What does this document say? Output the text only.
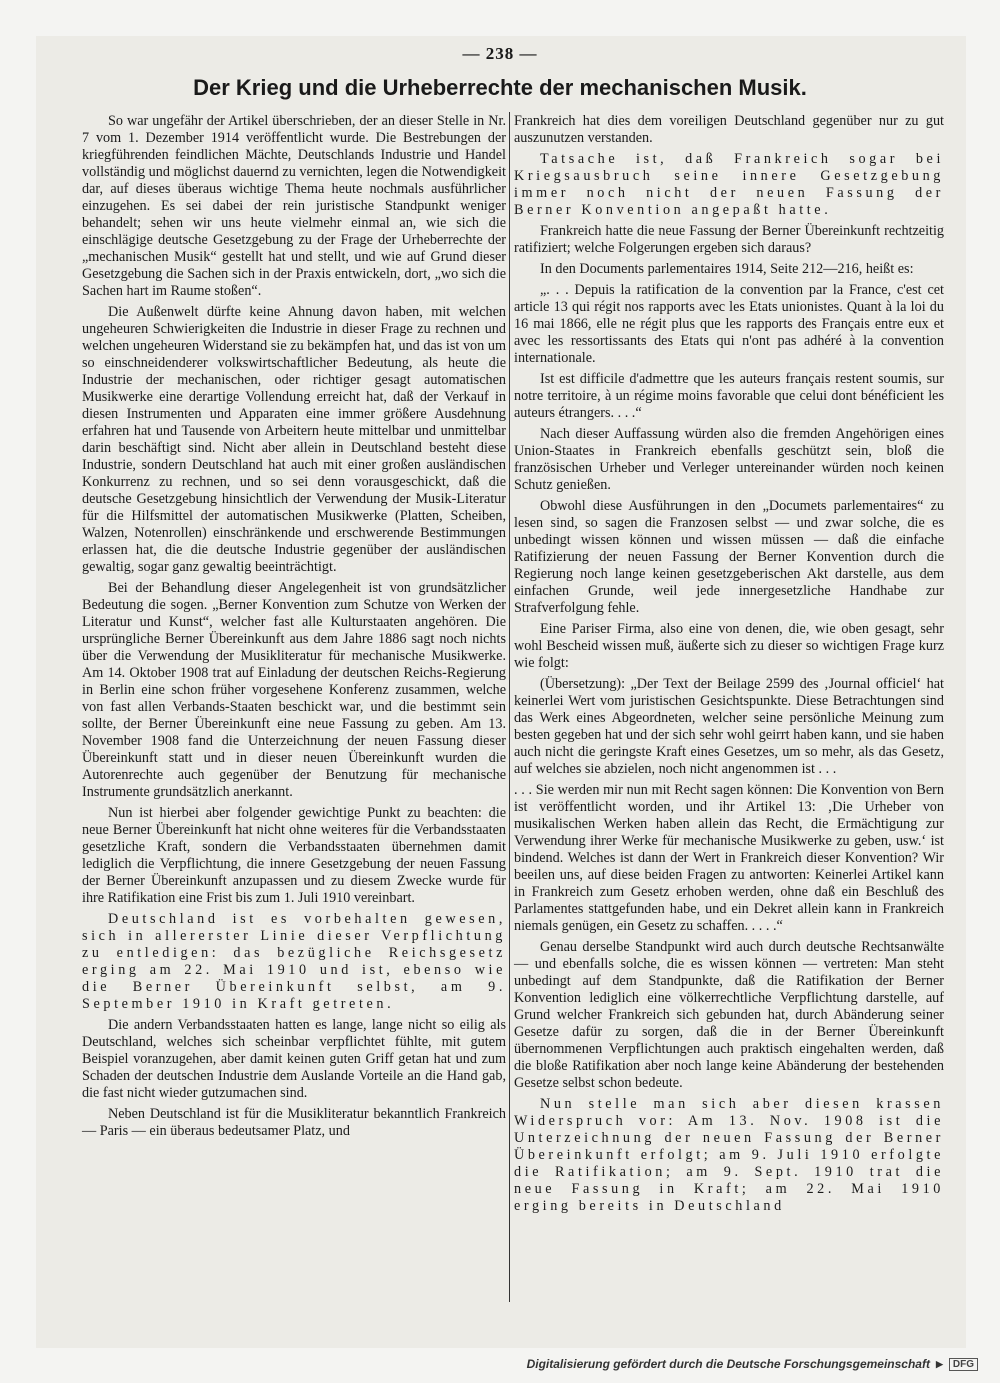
— 238 —
Der Krieg und die Urheberrechte der mechanischen Musik.

So war ungefähr der Artikel überschrieben, der an dieser Stelle in Nr. 7 vom 1. Dezember 1914 veröffentlicht wurde. Die Bestrebungen der kriegführenden feindlichen Mächte, Deutschlands Industrie und Handel vollständig und möglichst dauernd zu vernichten, legen die Notwendigkeit dar, auf dieses überaus wichtige Thema heute nochmals ausführlicher einzugehen. Es sei dabei der rein juristische Standpunkt weniger behandelt; sehen wir uns heute vielmehr einmal an, wie sich die einschlägige deutsche Gesetzgebung zu der Frage der Urheberrechte der „mechanischen Musik“ gestellt hat und stellt, und wie auf Grund dieser Gesetzgebung die Sachen sich in der Praxis entwickeln, dort, „wo sich die Sachen hart im Raume stoßen“.

Die Außenwelt dürfte keine Ahnung davon haben, mit welchen ungeheuren Schwierigkeiten die Industrie in dieser Frage zu rechnen und welchen ungeheuren Widerstand sie zu bekämpfen hat, und das ist von um so einschneidenderer volkswirtschaftlicher Bedeutung, als heute die Industrie der mechanischen, oder richtiger gesagt automatischen Musikwerke eine derartige Vollendung erreicht hat, daß der Verkauf in diesen Instrumenten und Apparaten eine immer größere Ausdehnung erfahren hat und Tausende von Arbeitern heute mittelbar und unmittelbar darin beschäftigt sind. Nicht aber allein in Deutschland besteht diese Industrie, sondern Deutschland hat auch mit einer großen ausländischen Konkurrenz zu rechnen, und so sei denn vorausgeschickt, daß die deutsche Gesetzgebung hinsichtlich der Verwendung der Musik-Literatur für die Hilfsmittel der automatischen Musikwerke (Platten, Scheiben, Walzen, Notenrollen) einschränkende und erschwerende Bestimmungen erlassen hat, die die deutsche Industrie gegenüber der ausländischen gewaltig, sogar ganz gewaltig beeinträchtigt.

Bei der Behandlung dieser Angelegenheit ist von grundsätzlicher Bedeutung die sogen. „Berner Konvention zum Schutze von Werken der Literatur und Kunst“, welcher fast alle Kulturstaaten angehören. Die ursprüngliche Berner Übereinkunft aus dem Jahre 1886 sagt noch nichts über die Verwendung der Musikliteratur für mechanische Musikwerke. Am 14. Oktober 1908 trat auf Einladung der deutschen Reichs-Regierung in Berlin eine schon früher vorgesehene Konferenz zusammen, welche von fast allen Verbands-Staaten beschickt war, und die bestimmt sein sollte, der Berner Übereinkunft eine neue Fassung zu geben. Am 13. November 1908 fand die Unterzeichnung der neuen Fassung dieser Übereinkunft statt und in dieser neuen Übereinkunft wurden die Autorenrechte auch gegenüber der Benutzung für mechanische Instrumente grundsätzlich anerkannt.

Nun ist hierbei aber folgender gewichtige Punkt zu beachten: die neue Berner Übereinkunft hat nicht ohne weiteres für die Verbandsstaaten gesetzliche Kraft, sondern die Verbandsstaaten übernehmen damit lediglich die Verpflichtung, die innere Gesetzgebung der neuen Fassung der Berner Übereinkunft anzupassen und zu diesem Zwecke wurde für ihre Ratifikation eine Frist bis zum 1. Juli 1910 vereinbart.

Deutschland ist es vorbehalten gewesen, sich in allererster Linie dieser Verpflichtung zu entledigen: das bezügliche Reichsgesetz erging am 22. Mai 1910 und ist, ebenso wie die Berner Übereinkunft selbst, am 9. September 1910 in Kraft getreten.

Die andern Verbandsstaaten hatten es lange, lange nicht so eilig als Deutschland, welches sich scheinbar verpflichtet fühlte, mit gutem Beispiel voranzugehen, aber damit keinen guten Griff getan hat und zum Schaden der deutschen Industrie dem Auslande Vorteile an die Hand gab, die fast nicht wieder gutzumachen sind.

Neben Deutschland ist für die Musikliteratur bekanntlich Frankreich — Paris — ein überaus bedeutsamer Platz, und

Frankreich hat dies dem voreiligen Deutschland gegenüber nur zu gut auszunutzen verstanden.

Tatsache ist, daß Frankreich sogar bei Kriegsausbruch seine innere Gesetzgebung immer noch nicht der neuen Fassung der Berner Konvention angepaßt hatte.

Frankreich hatte die neue Fassung der Berner Übereinkunft rechtzeitig ratifiziert; welche Folgerungen ergeben sich daraus?

In den Documents parlementaires 1914, Seite 212—216, heißt es:

„. . . Depuis la ratification de la convention par la France, c'est cet article 13 qui régit nos rapports avec les Etats unionistes. Quant à la loi du 16 mai 1866, elle ne régit plus que les rapports des Français entre eux et avec les ressortissants des Etats qui n'ont pas adhéré à la convention internationale.

Ist est difficile d'admettre que les auteurs français restent soumis, sur notre territoire, à un régime moins favorable que celui dont bénéficient les auteurs étrangers. . . .“

Nach dieser Auffassung würden also die fremden Angehörigen eines Union-Staates in Frankreich ebenfalls geschützt sein, bloß die französischen Urheber und Verleger untereinander würden noch keinen Schutz genießen.

Obwohl diese Ausführungen in den „Documets parlementaires“ zu lesen sind, so sagen die Franzosen selbst — und zwar solche, die es unbedingt wissen können und wissen müssen — daß die einfache Ratifizierung der neuen Fassung der Berner Konvention durch die Regierung noch lange keinen gesetzgeberischen Akt darstelle, aus dem einfachen Grunde, weil jede innergesetzliche Handhabe zur Strafverfolgung fehle.

Eine Pariser Firma, also eine von denen, die, wie oben gesagt, sehr wohl Bescheid wissen muß, äußerte sich zu dieser so wichtigen Frage kurz wie folgt:

(Übersetzung): „Der Text der Beilage 2599 des ‚Journal officiel‘ hat keinerlei Wert vom juristischen Gesichtspunkte. Diese Betrachtungen sind das Werk eines Abgeordneten, welcher seine persönliche Meinung zum besten gegeben hat und der sich sehr wohl geirrt haben kann, und sie haben auch nicht die geringste Kraft eines Gesetzes, um so mehr, als das Gesetz, auf welches sie abzielen, noch nicht angenommen ist . . .

. . . Sie werden mir nun mit Recht sagen können: Die Konvention von Bern ist veröffentlicht worden, und ihr Artikel 13: ‚Die Urheber von musikalischen Werken haben allein das Recht, die Ermächtigung zur Verwendung ihrer Werke für mechanische Musikwerke zu geben, usw.‘ ist bindend. Welches ist dann der Wert in Frankreich dieser Konvention? Wir beeilen uns, auf diese beiden Fragen zu antworten: Keinerlei Artikel kann in Frankreich zum Gesetz erhoben werden, ohne daß ein Beschluß des Parlamentes stattgefunden habe, und ein Dekret allein kann in Frankreich niemals genügen, ein Gesetz zu schaffen. . . . .“

Genau derselbe Standpunkt wird auch durch deutsche Rechtsanwälte — und ebenfalls solche, die es wissen können — vertreten: Man steht unbedingt auf dem Standpunkte, daß die Ratifikation der Berner Konvention lediglich eine völkerrechtliche Verpflichtung darstelle, auf Grund welcher Frankreich sich gebunden hat, durch Abänderung seiner Gesetze dafür zu sorgen, daß die in der Berner Übereinkunft übernommenen Verpflichtungen auch praktisch eingehalten werden, daß die bloße Ratifikation aber noch lange keine Abänderung der bestehenden Gesetze selbst schon bedeute.

Nun stelle man sich aber diesen krassen Widerspruch vor: Am 13. Nov. 1908 ist die Unterzeichnung der neuen Fassung der Berner Übereinkunft erfolgt; am 9. Juli 1910 erfolgte die Ratifikation; am 9. Sept. 1910 trat die neue Fassung in Kraft; am 22. Mai 1910 erging bereits in Deutschland

Digitalisierung gefördert durch die Deutsche Forschungsgemeinschaft ▶	DFG
